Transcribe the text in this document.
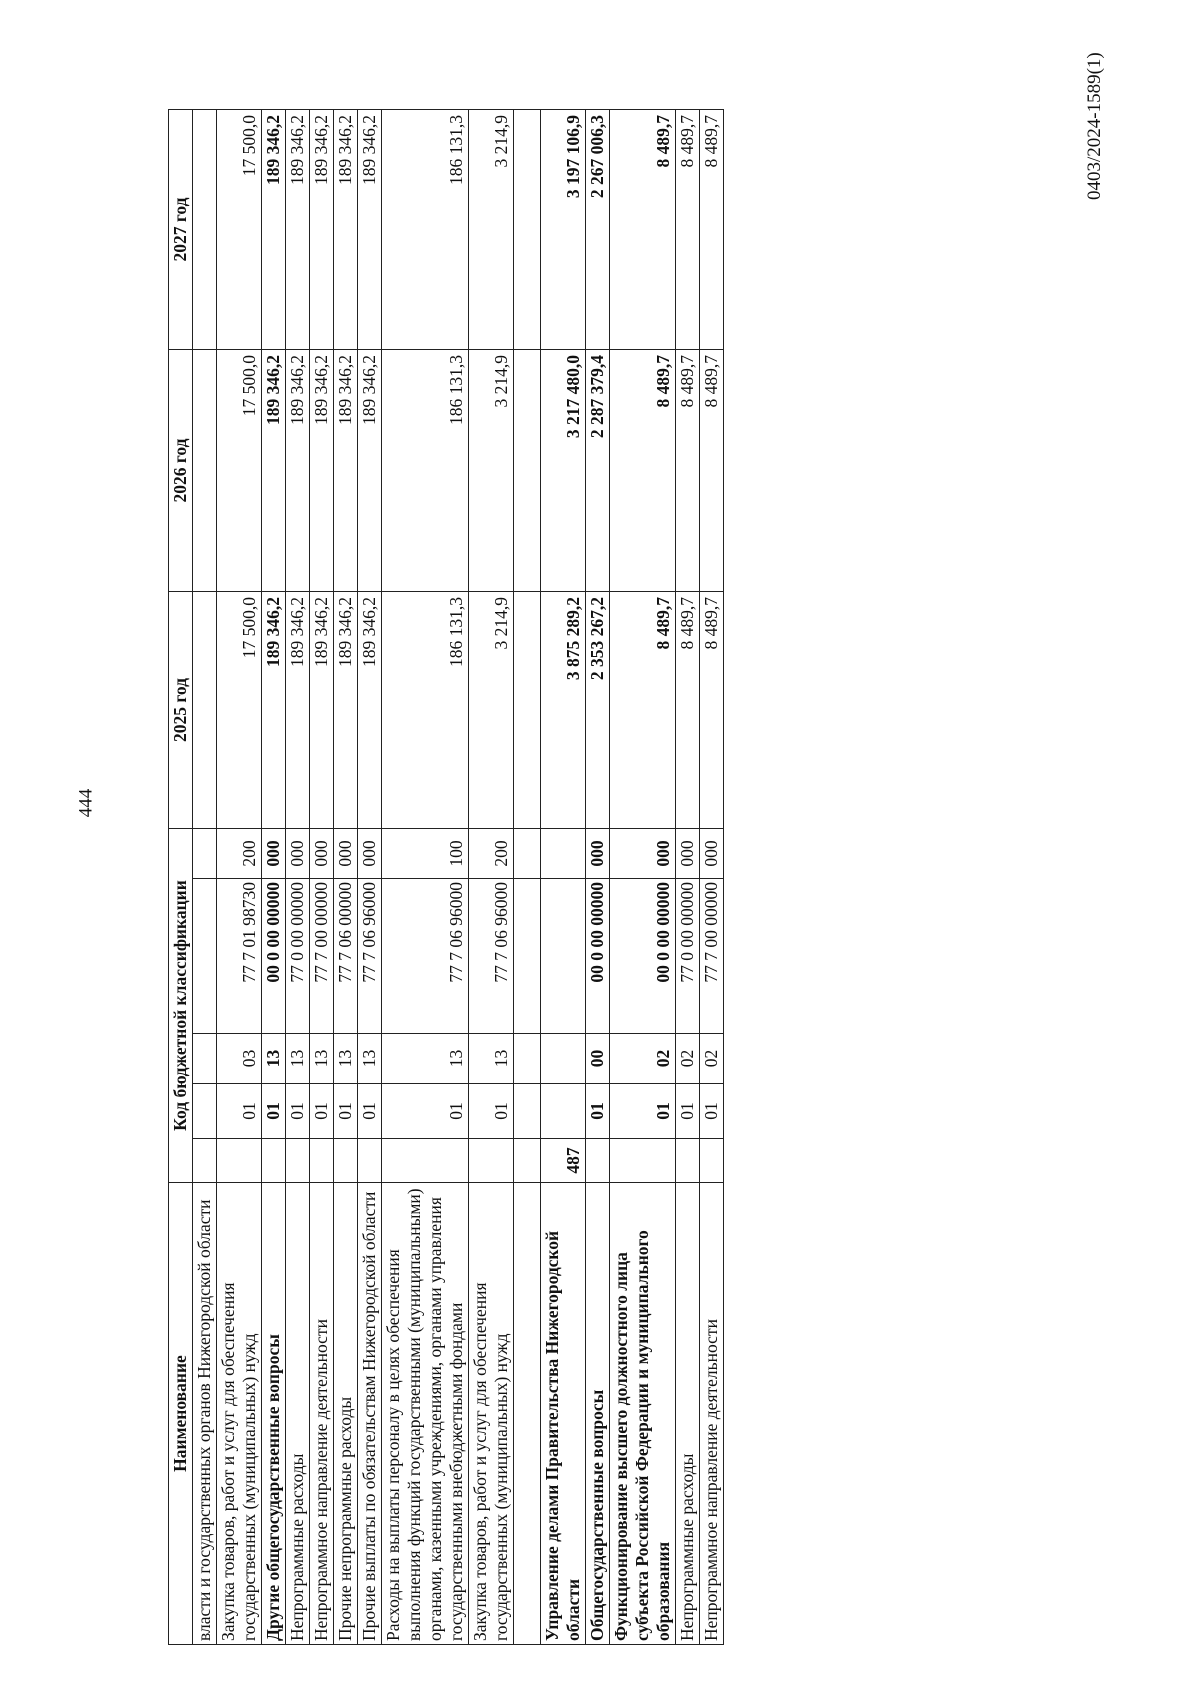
444
0403/2024-1589(1)
Наименование	Код бюджетной классификации					2025 год	2026 год	2027 год
власти и государственных органов Нижегородской области								
Закупка товаров, работ и услуг для обеспечения государственных (муниципальных) нужд		01	03	77 7 01 98730	200	17 500,0	17 500,0	17 500,0
Другие общегосударственные вопросы		01	13	00 0 00 00000	000	189 346,2	189 346,2	189 346,2
Непрограммные расходы		01	13	77 0 00 00000	000	189 346,2	189 346,2	189 346,2
Непрограммное направление деятельности		01	13	77 7 00 00000	000	189 346,2	189 346,2	189 346,2
Прочие непрограммные расходы		01	13	77 7 06 00000	000	189 346,2	189 346,2	189 346,2
Прочие выплаты по обязательствам Нижегородской области		01	13	77 7 06 96000	000	189 346,2	189 346,2	189 346,2
Расходы на выплаты персоналу в целях обеспечения выполнения функций государственными (муниципальными) органами, казенными учреждениями, органами управления государственными внебюджетными фондами		01	13	77 7 06 96000	100	186 131,3	186 131,3	186 131,3
Закупка товаров, работ и услуг для обеспечения государственных (муниципальных) нужд		01	13	77 7 06 96000	200	3 214,9	3 214,9	3 214,9

Управление делами Правительства Нижегородской области	487					3 875 289,2	3 217 480,0	3 197 106,9
Общегосударственные вопросы		01	00	00 0 00 00000	000	2 353 267,2	2 287 379,4	2 267 006,3
Функционирование высшего должностного лица субъекта Российской Федерации и муниципального образования		01	02	00 0 00 00000	000	8 489,7	8 489,7	8 489,7
Непрограммные расходы		01	02	77 0 00 00000	000	8 489,7	8 489,7	8 489,7
Непрограммное направление деятельности		01	02	77 7 00 00000	000	8 489,7	8 489,7	8 489,7
